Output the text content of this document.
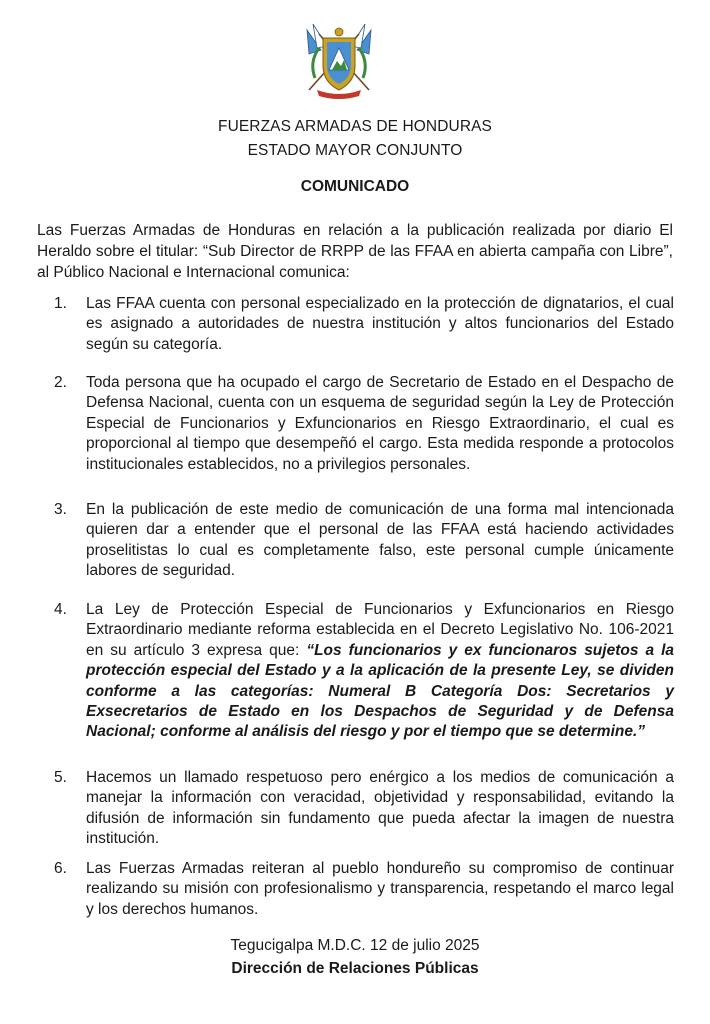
FUERZAS ARMADAS DE HONDURAS
ESTADO MAYOR CONJUNTO
COMUNICADO

Las Fuerzas Armadas de Honduras en relación a la publicación realizada por diario El Heraldo sobre el titular: “Sub Director de RRPP de las FFAA en abierta campaña con Libre”, al Público Nacional e Internacional comunica:

1.	Las FFAA cuenta con personal especializado en la protección de dignatarios, el cual es asignado a autoridades de nuestra institución y altos funcionarios del Estado según su categoría.
2.	Toda persona que ha ocupado el cargo de Secretario de Estado en el Despacho de Defensa Nacional, cuenta con un esquema de seguridad según la Ley de Protección Especial de Funcionarios y Exfuncionarios en Riesgo Extraordinario, el cual es proporcional al tiempo que desempeñó el cargo. Esta medida responde a protocolos institucionales establecidos, no a privilegios personales.
3.	En la publicación de este medio de comunicación de una forma mal intencionada quieren dar a entender que el personal de las FFAA está haciendo actividades proselitistas lo cual es completamente falso, este personal cumple únicamente labores de seguridad.
4.	La Ley de Protección Especial de Funcionarios y Exfuncionarios en Riesgo Extraordinario mediante reforma establecida en el Decreto Legislativo No. 106-2021 en su artículo 3 expresa que: “Los funcionarios y ex funcionaros sujetos a la protección especial del Estado y a la aplicación de la presente Ley, se dividen conforme a las categorías: Numeral B Categoría Dos: Secretarios y Exsecretarios de Estado en los Despachos de Seguridad y de Defensa Nacional; conforme al análisis del riesgo y por el tiempo que se determine.”
5.	Hacemos un llamado respetuoso pero enérgico a los medios de comunicación a manejar la información con veracidad, objetividad y responsabilidad, evitando la difusión de información sin fundamento que pueda afectar la imagen de nuestra institución.
6.	Las Fuerzas Armadas reiteran al pueblo hondureño su compromiso de continuar realizando su misión con profesionalismo y transparencia, respetando el marco legal y los derechos humanos.
Tegucigalpa M.D.C. 12 de julio 2025
Dirección de Relaciones Públicas
